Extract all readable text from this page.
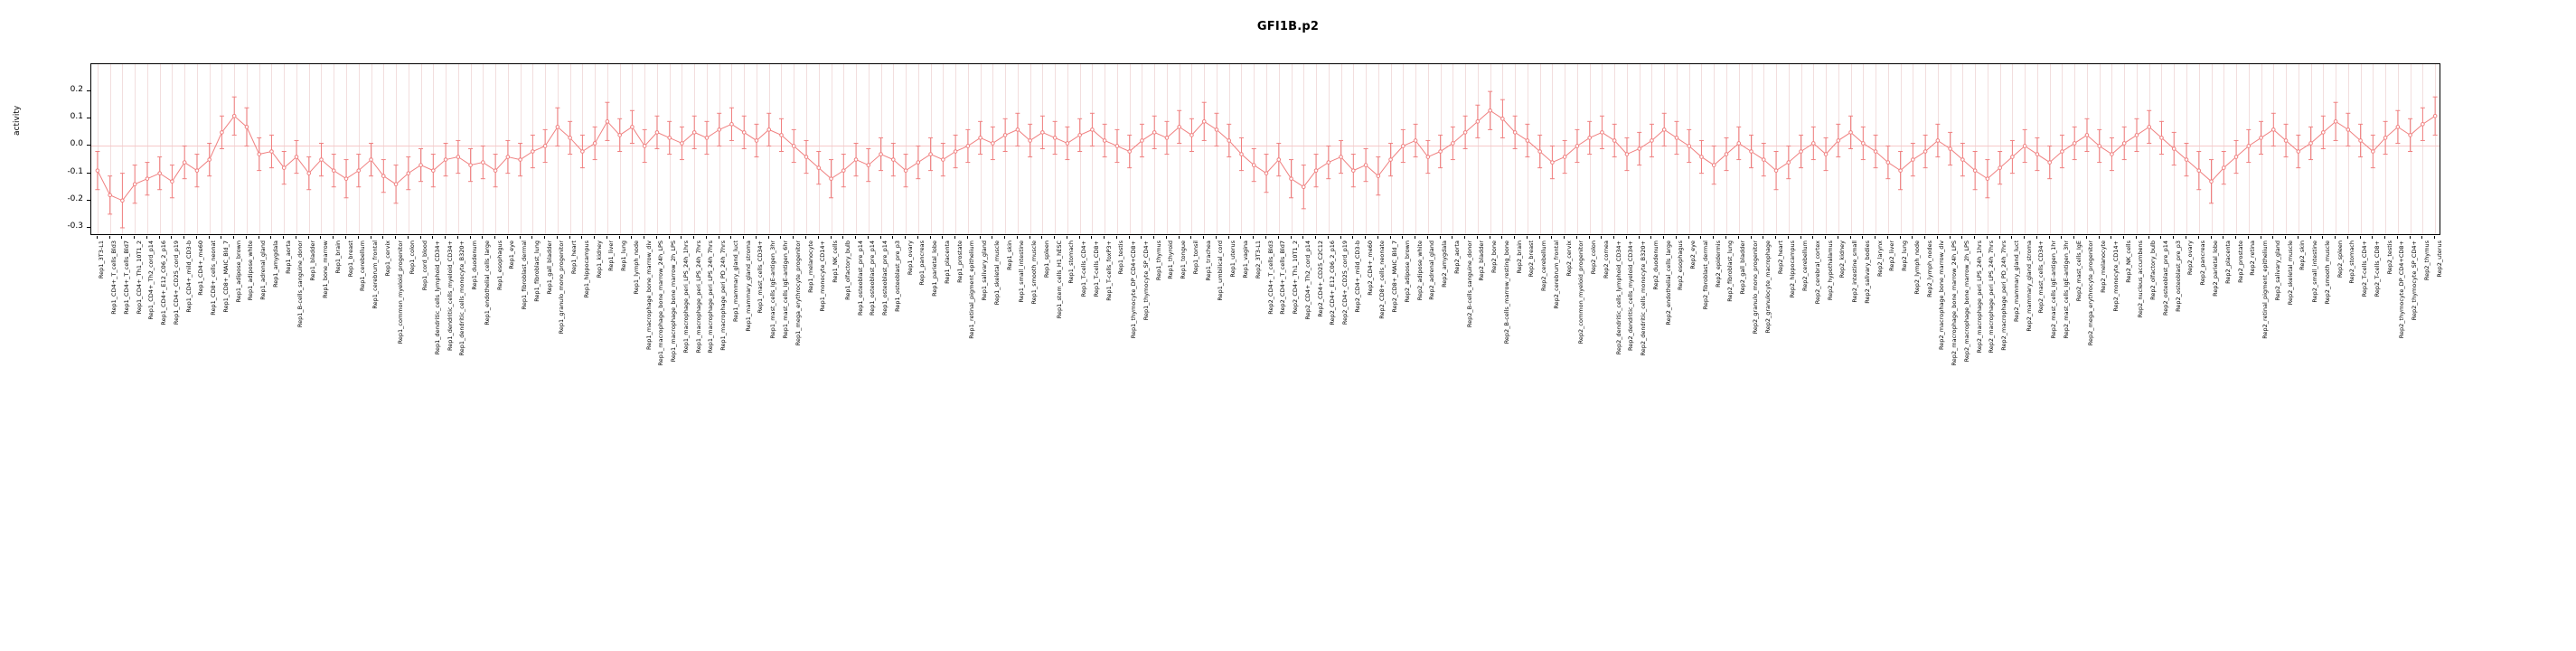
GFI1B.p2
activity
-0.3
-0.2
-0.1
0.0
0.1
0.2
Rep1_3T3-L1 Rep1_CD4+_T_cells_Bld3 Rep1_CD4+_T_cells_Bld7 Rep1_CD4+_Th1_10T1_2 Rep1_CD4+_Th2_cord_p14 Rep1_CD4+_E12_C06_2_p16 Rep1_CD4+_CD25_cord_p19 Rep1_CD4+_mild_CD3-b Rep1_CD4+_me60 Rep1_CD8+_cells_neonat Rep1_CD8+_MAIC_Bld_7 Rep1_adipose_brown Rep1_adipose_white Rep1_adrenal_gland Rep1_amygdala Rep1_aorta Rep1_B-cells_sanguine_donor Rep1_bladder Rep1_bone_marrow Rep1_brain Rep1_breast Rep1_cerebellum Rep1_cerebrum_frontal Rep1_cervix Rep1_common_myeloid_progenitor Rep1_colon Rep1_cord_blood Rep1_dendritic_cells_lymphoid_CD34+ Rep1_dendritic_cells_myeloid_CD34+ Rep1_dendritic_cells_monocyte_B320+ Rep1_duodenum Rep1_endothelial_cells_large Rep1_esophagus Rep1_eye Rep1_fibroblast_dermal Rep1_fibroblast_lung Rep1_gall_bladder Rep1_granulo_mono_progenitor Rep1_heart Rep1_hippocampus Rep1_kidney Rep1_liver Rep1_lung Rep1_lymph_node Rep1_macrophage_bone_marrow_div Rep1_macrophage_bone_marrow_24h_LPS Rep1_macrophage_bone_marrow_2h_LPS Rep1_macrophage_peri_LPS_24h_1hrs Rep1_macrophage_peri_LPS_24h_7hrs Rep1_macrophage_peri_LPS_24h_7hrs Rep1_macrophage_peri_PD_24h_7hrs Rep1_mammary_gland_luct Rep1_mammary_gland_stroma Rep1_mast_cells_CD34+ Rep1_mast_cells_IgE-antigen_3hr Rep1_mast_cells_IgE-antigen_6hr Rep1_mega_erythrocyte_progenitor Rep1_melanocyte Rep1_monocyte_CD14+ Rep1_NK_cells Rep1_olfactory_bulb Rep1_osteoblast_pre_p14 Rep1_osteoblast_pre_p14 Rep1_osteoblast_pre_p14 Rep1_osteoblast_pre_p3 Rep1_ovary Rep1_pancreas Rep1_parietal_lobe Rep1_placenta Rep1_prostate Rep1_retinal_pigment_epithelium Rep1_salivary_gland Rep1_skeletal_muscle Rep1_skin Rep1_small_intestine Rep1_smooth_muscle Rep1_spleen Rep1_stem_cells_H1_hESC Rep1_stomach Rep1_T-cells_CD4+ Rep1_T-cells_CD8+ Rep1_T-cells_foxP3+ Rep1_testis Rep1_thymocyte_DP_CD4+CD8+ Rep1_thymocyte_SP_CD4+ Rep1_thymus Rep1_thyroid Rep1_tongue Rep1_tonsil Rep1_trachea Rep1_umbilical_cord Rep1_uterus Rep1_vagina Rep2_3T3-L1 Rep2_CD4+_T_cells_Bld3 Rep2_CD4+_T_cells_Bld7 Rep2_CD4+_Th1_10T1_2 Rep2_CD4+_Th2_cord_p14 Rep2_CD4+_CD25_C2C12 Rep2_CD4+_E12_C06_2_p16 Rep2_CD4+_CD25_cord_p19 Rep2_CD4+_mild_CD3-b Rep2_CD4+_me60 Rep2_CD8+_cells_neonate Rep2_CD8+_MAIC_Bld_7 Rep2_adipose_brown Rep2_adipose_white Rep2_adrenal_gland Rep2_amygdala Rep2_aorta Rep2_B-cells_sanguine_donor Rep2_bladder Rep2_bone Rep2_B-cells_marrow_resting_bone Rep2_brain Rep2_breast Rep2_cerebellum Rep2_cerebrum_frontal Rep2_cervix Rep2_common_myeloid_progenitor Rep2_colon Rep2_cornea Rep2_dendritic_cells_lymphoid_CD34+ Rep2_dendritic_cells_myeloid_CD34+ Rep2_dendritic_cells_monocyte_B320+ Rep2_duodenum Rep2_endothelial_cells_large Rep2_esophagus Rep2_eye Rep2_fibroblast_dermal Rep2_epidermis Rep2_fibroblast_lung Rep2_gall_bladder Rep2_granulo_mono_progenitor Rep2_granulocyte_macrophage Rep2_heart Rep2_hippocampus Rep2_cerebellum Rep2_cerebral_cortex Rep2_hypothalamus Rep2_kidney Rep2_intestine_small Rep2_salivary_bodies Rep2_larynx Rep2_liver Rep2_lung Rep2_lymph_node Rep2_lymph_nodes Rep2_macrophage_bone_marrow_div Rep2_macrophage_bone_marrow_24h_LPS Rep2_macrophage_bone_marrow_2h_LPS Rep2_macrophage_peri_LPS_24h_1hrs Rep2_macrophage_peri_LPS_24h_7hrs Rep2_macrophage_peri_PD_24h_7hrs Rep2_mammary_gland_luct Rep2_mammary_gland_stroma Rep2_mast_cells_CD34+ Rep2_mast_cells_IgE-antigen_1hr Rep2_mast_cells_IgE-antigen_3hr Rep2_mast_cells_IgE Rep2_mega_erythrocyte_progenitor Rep2_melanocyte Rep2_monocyte_CD14+ Rep2_NK_cells Rep2_nucleus_accumbens Rep2_olfactory_bulb Rep2_osteoblast_pre_p14 Rep2_osteoblast_pre_p3 Rep2_ovary Rep2_pancreas Rep2_parietal_lobe Rep2_placenta Rep2_prostate Rep2_retina Rep2_retinal_pigment_epithelium Rep2_salivary_gland Rep2_skeletal_muscle Rep2_skin Rep2_small_intestine Rep2_smooth_muscle Rep2_spleen Rep2_stomach Rep2_T-cells_CD4+ Rep2_T-cells_CD8+ Rep2_testis Rep2_thymocyte_DP_CD4+CD8+ Rep2_thymocyte_SP_CD4+ Rep2_thymus Rep2_uterus
